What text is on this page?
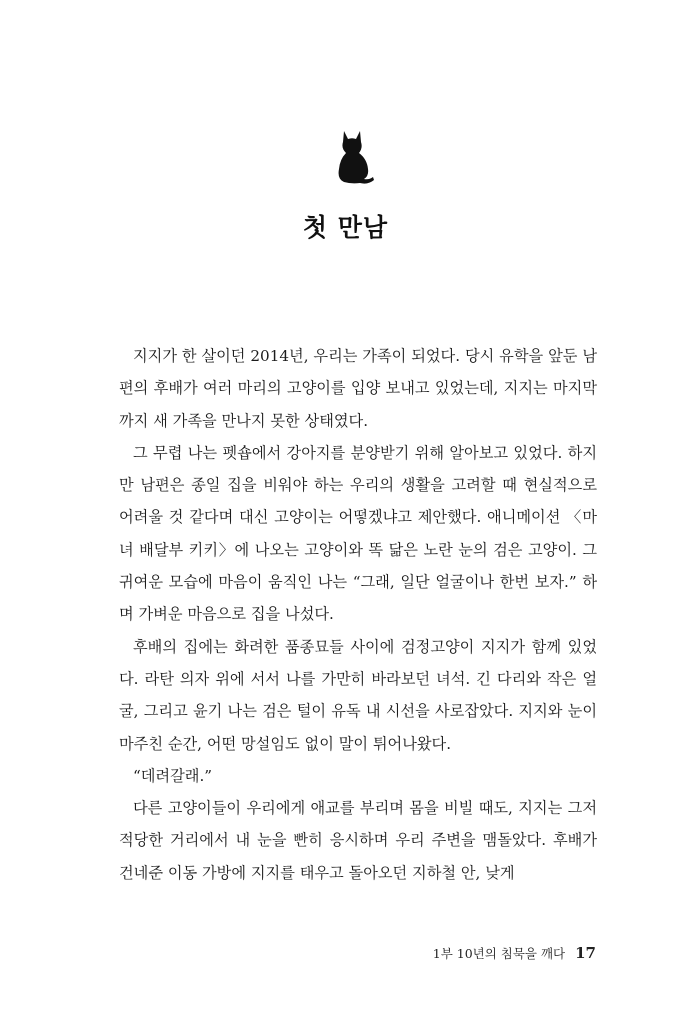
첫 만남

지지가 한 살이던 2014년, 우리는 가족이 되었다. 당시 유학을 앞둔 남편의 후배가 여러 마리의 고양이를 입양 보내고 있었는데, 지지는 마지막까지 새 가족을 만나지 못한 상태였다.

그 무렵 나는 펫숍에서 강아지를 분양받기 위해 알아보고 있었다. 하지만 남편은 종일 집을 비워야 하는 우리의 생활을 고려할 때 현실적으로 어려울 것 같다며 대신 고양이는 어떻겠냐고 제안했다. 애니메이션 〈마녀 배달부 키키〉에 나오는 고양이와 똑 닮은 노란 눈의 검은 고양이. 그 귀여운 모습에 마음이 움직인 나는 “그래, 일단 얼굴이나 한번 보자.” 하며 가벼운 마음으로 집을 나섰다.

후배의 집에는 화려한 품종묘들 사이에 검정고양이 지지가 함께 있었다. 라탄 의자 위에 서서 나를 가만히 바라보던 녀석. 긴 다리와 작은 얼굴, 그리고 윤기 나는 검은 털이 유독 내 시선을 사로잡았다. 지지와 눈이 마주친 순간, 어떤 망설임도 없이 말이 튀어나왔다.

“데려갈래.”

다른 고양이들이 우리에게 애교를 부리며 몸을 비빌 때도, 지지는 그저 적당한 거리에서 내 눈을 빤히 응시하며 우리 주변을 맴돌았다. 후배가 건네준 이동 가방에 지지를 태우고 돌아오던 지하철 안, 낮게

1부 10년의 침묵을 깨다 17
